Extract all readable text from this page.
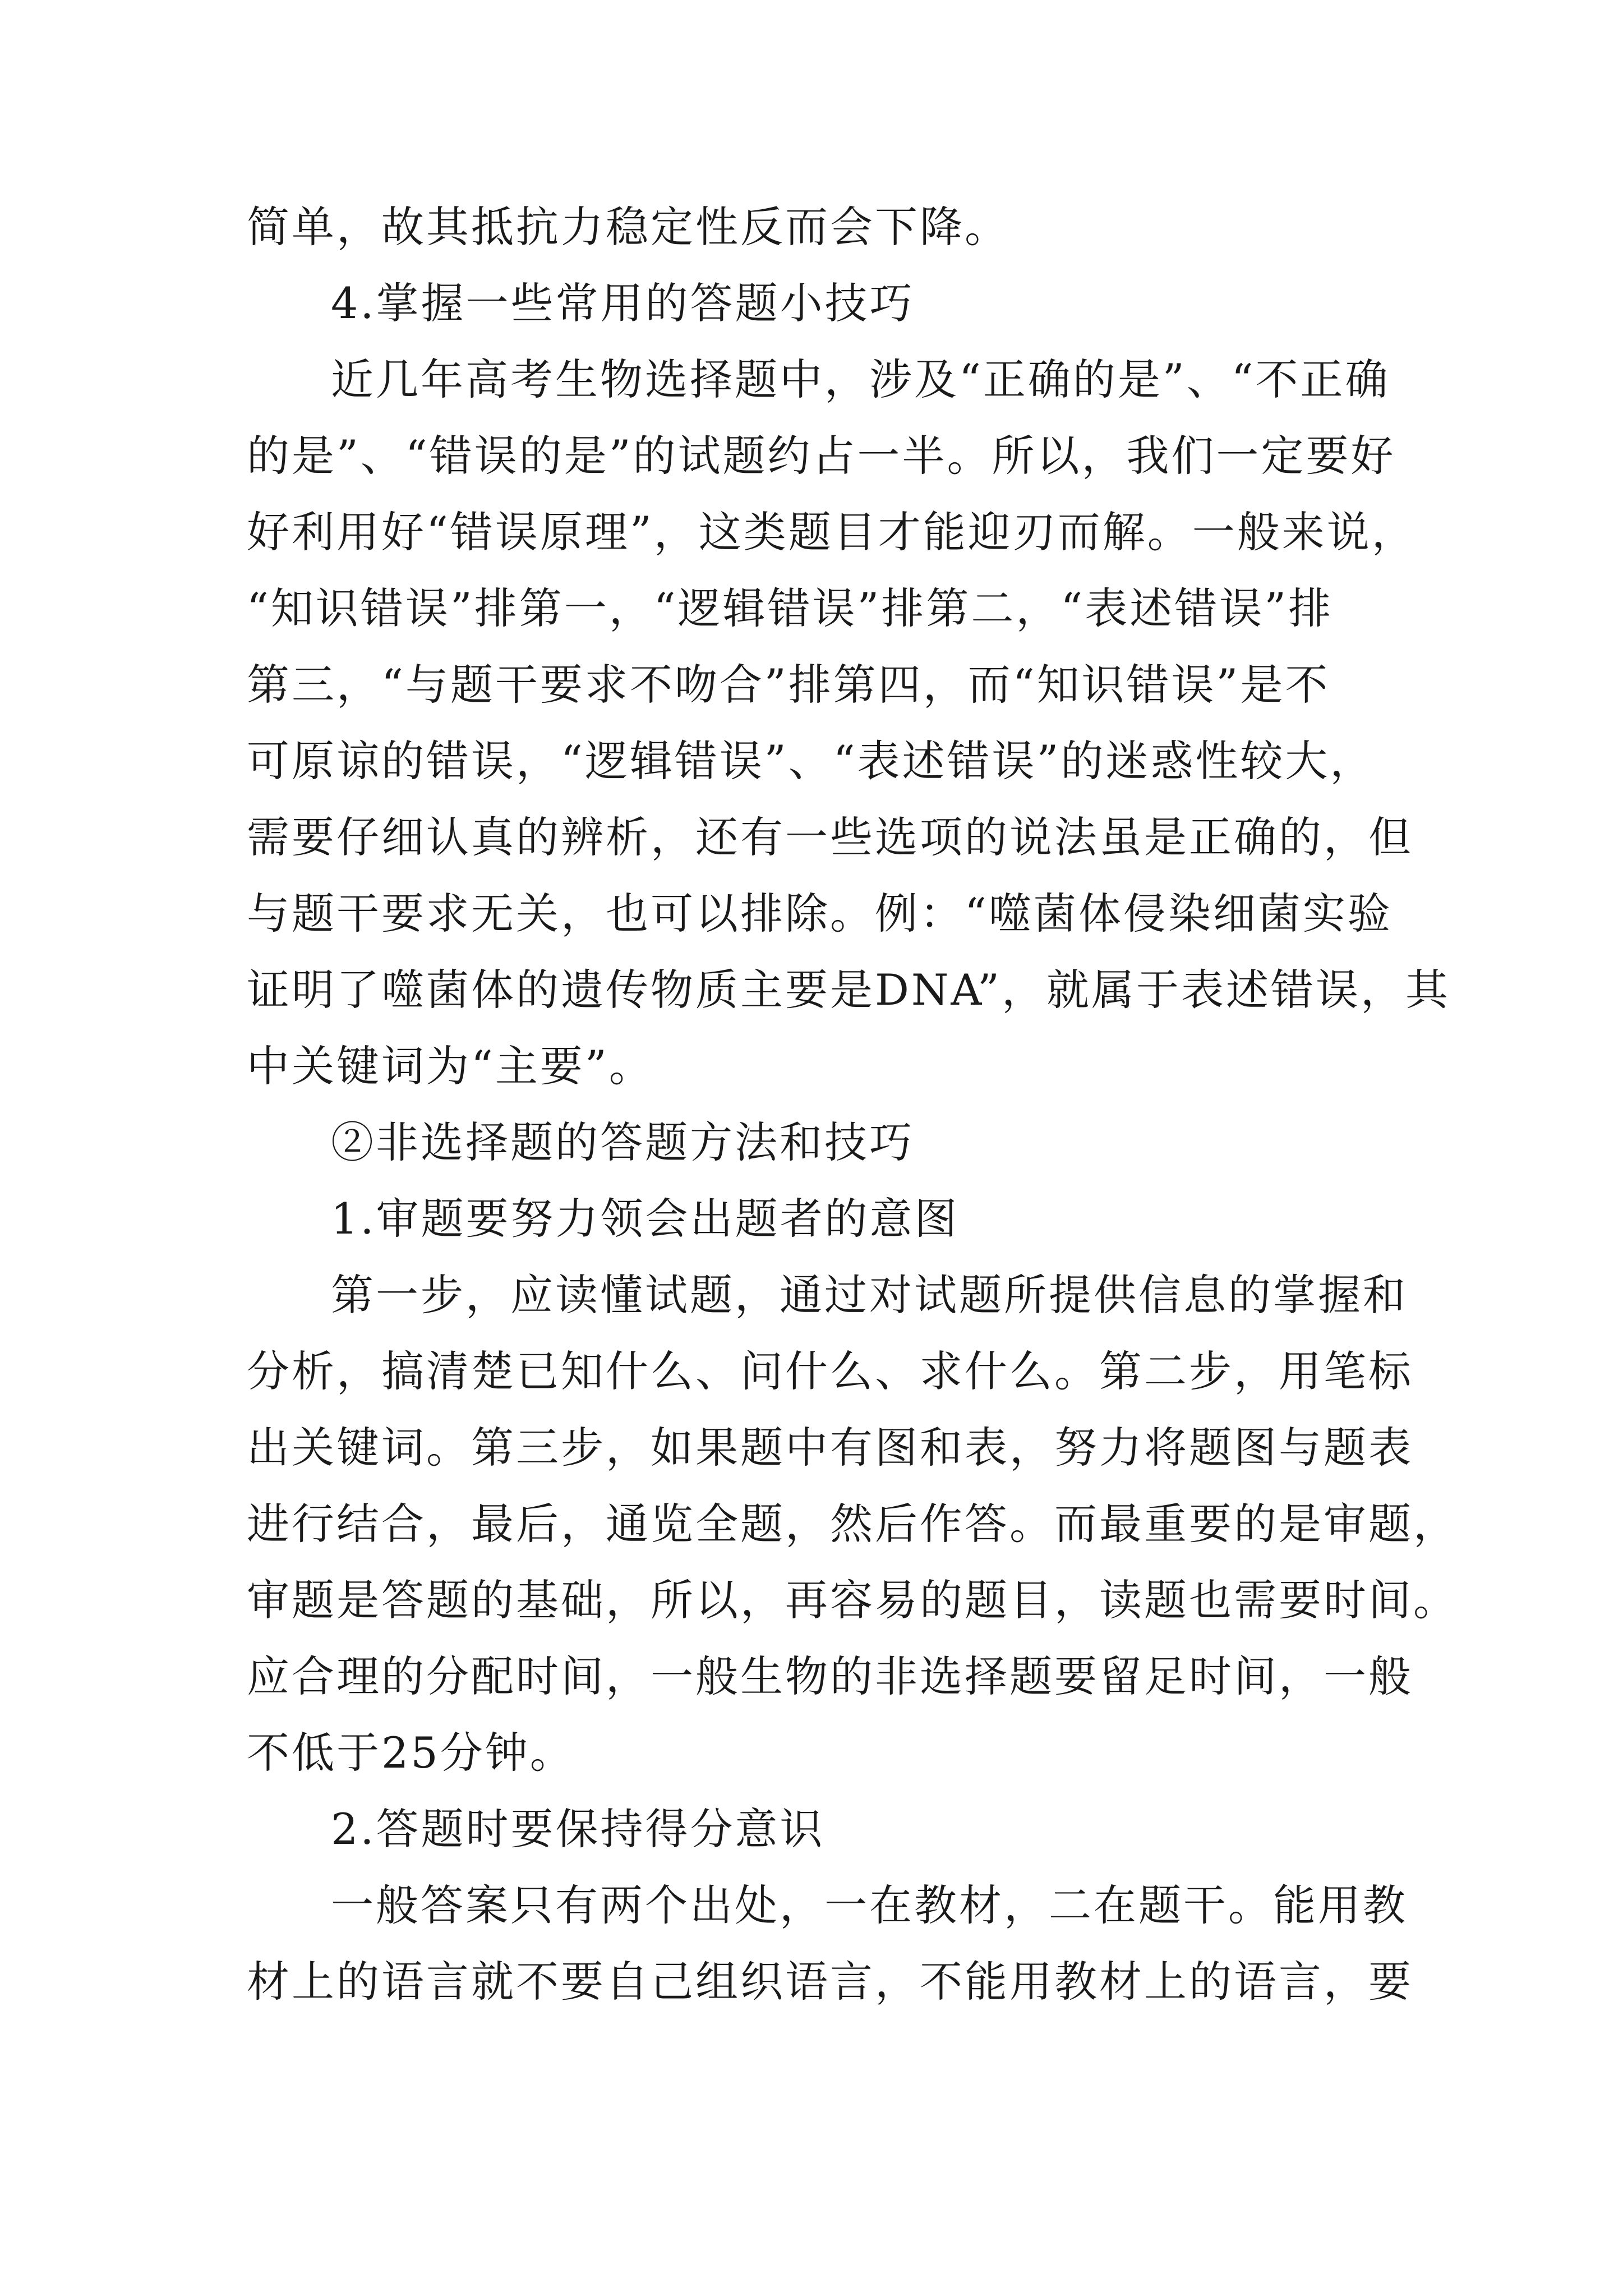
简单，故其抵抗力稳定性反而会下降。
4.掌握一些常用的答题小技巧
近几年高考生物选择题中，涉及“正确的是”、“不正确
的是”、“错误的是”的试题约占一半。所以，我们一定要好
好利用好“错误原理”，这类题目才能迎刃而解。一般来说，
“知识错误”排第一，“逻辑错误”排第二，“表述错误”排
第三，“与题干要求不吻合”排第四，而“知识错误”是不
可原谅的错误，“逻辑错误”、“表述错误”的迷惑性较大，
需要仔细认真的辨析，还有一些选项的说法虽是正确的，但
与题干要求无关，也可以排除。例：“噬菌体侵染细菌实验
证明了噬菌体的遗传物质主要是DNA”，就属于表述错误，其
中关键词为“主要”。
②非选择题的答题方法和技巧
1.审题要努力领会出题者的意图
第一步，应读懂试题，通过对试题所提供信息的掌握和
分析，搞清楚已知什么、问什么、求什么。第二步，用笔标
出关键词。第三步，如果题中有图和表，努力将题图与题表
进行结合，最后，通览全题，然后作答。而最重要的是审题，
审题是答题的基础，所以，再容易的题目，读题也需要时间。
应合理的分配时间，一般生物的非选择题要留足时间，一般
不低于25分钟。
2.答题时要保持得分意识
一般答案只有两个出处，一在教材，二在题干。能用教
材上的语言就不要自己组织语言，不能用教材上的语言，要
